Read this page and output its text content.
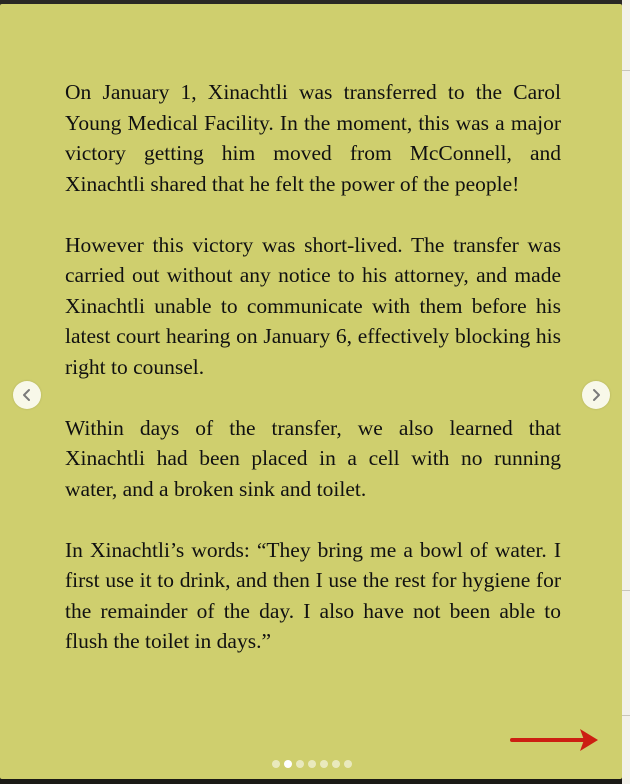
On January 1, Xinachtli was transferred to the Carol Young Medical Facility. In the moment, this was a major victory getting him moved from McConnell, and Xinachtli shared that he felt the power of the people!

However this victory was short-lived. The transfer was carried out without any notice to his attorney, and made Xinachtli unable to communicate with them before his latest court hearing on January 6, effectively blocking his right to counsel.

Within days of the transfer, we also learned that Xinachtli had been placed in a cell with no running water, and a broken sink and toilet.

In Xinachtli’s words: “They bring me a bowl of water. I first use it to drink, and then I use the rest for hygiene for the remainder of the day. I also have not been able to flush the toilet in days.”
